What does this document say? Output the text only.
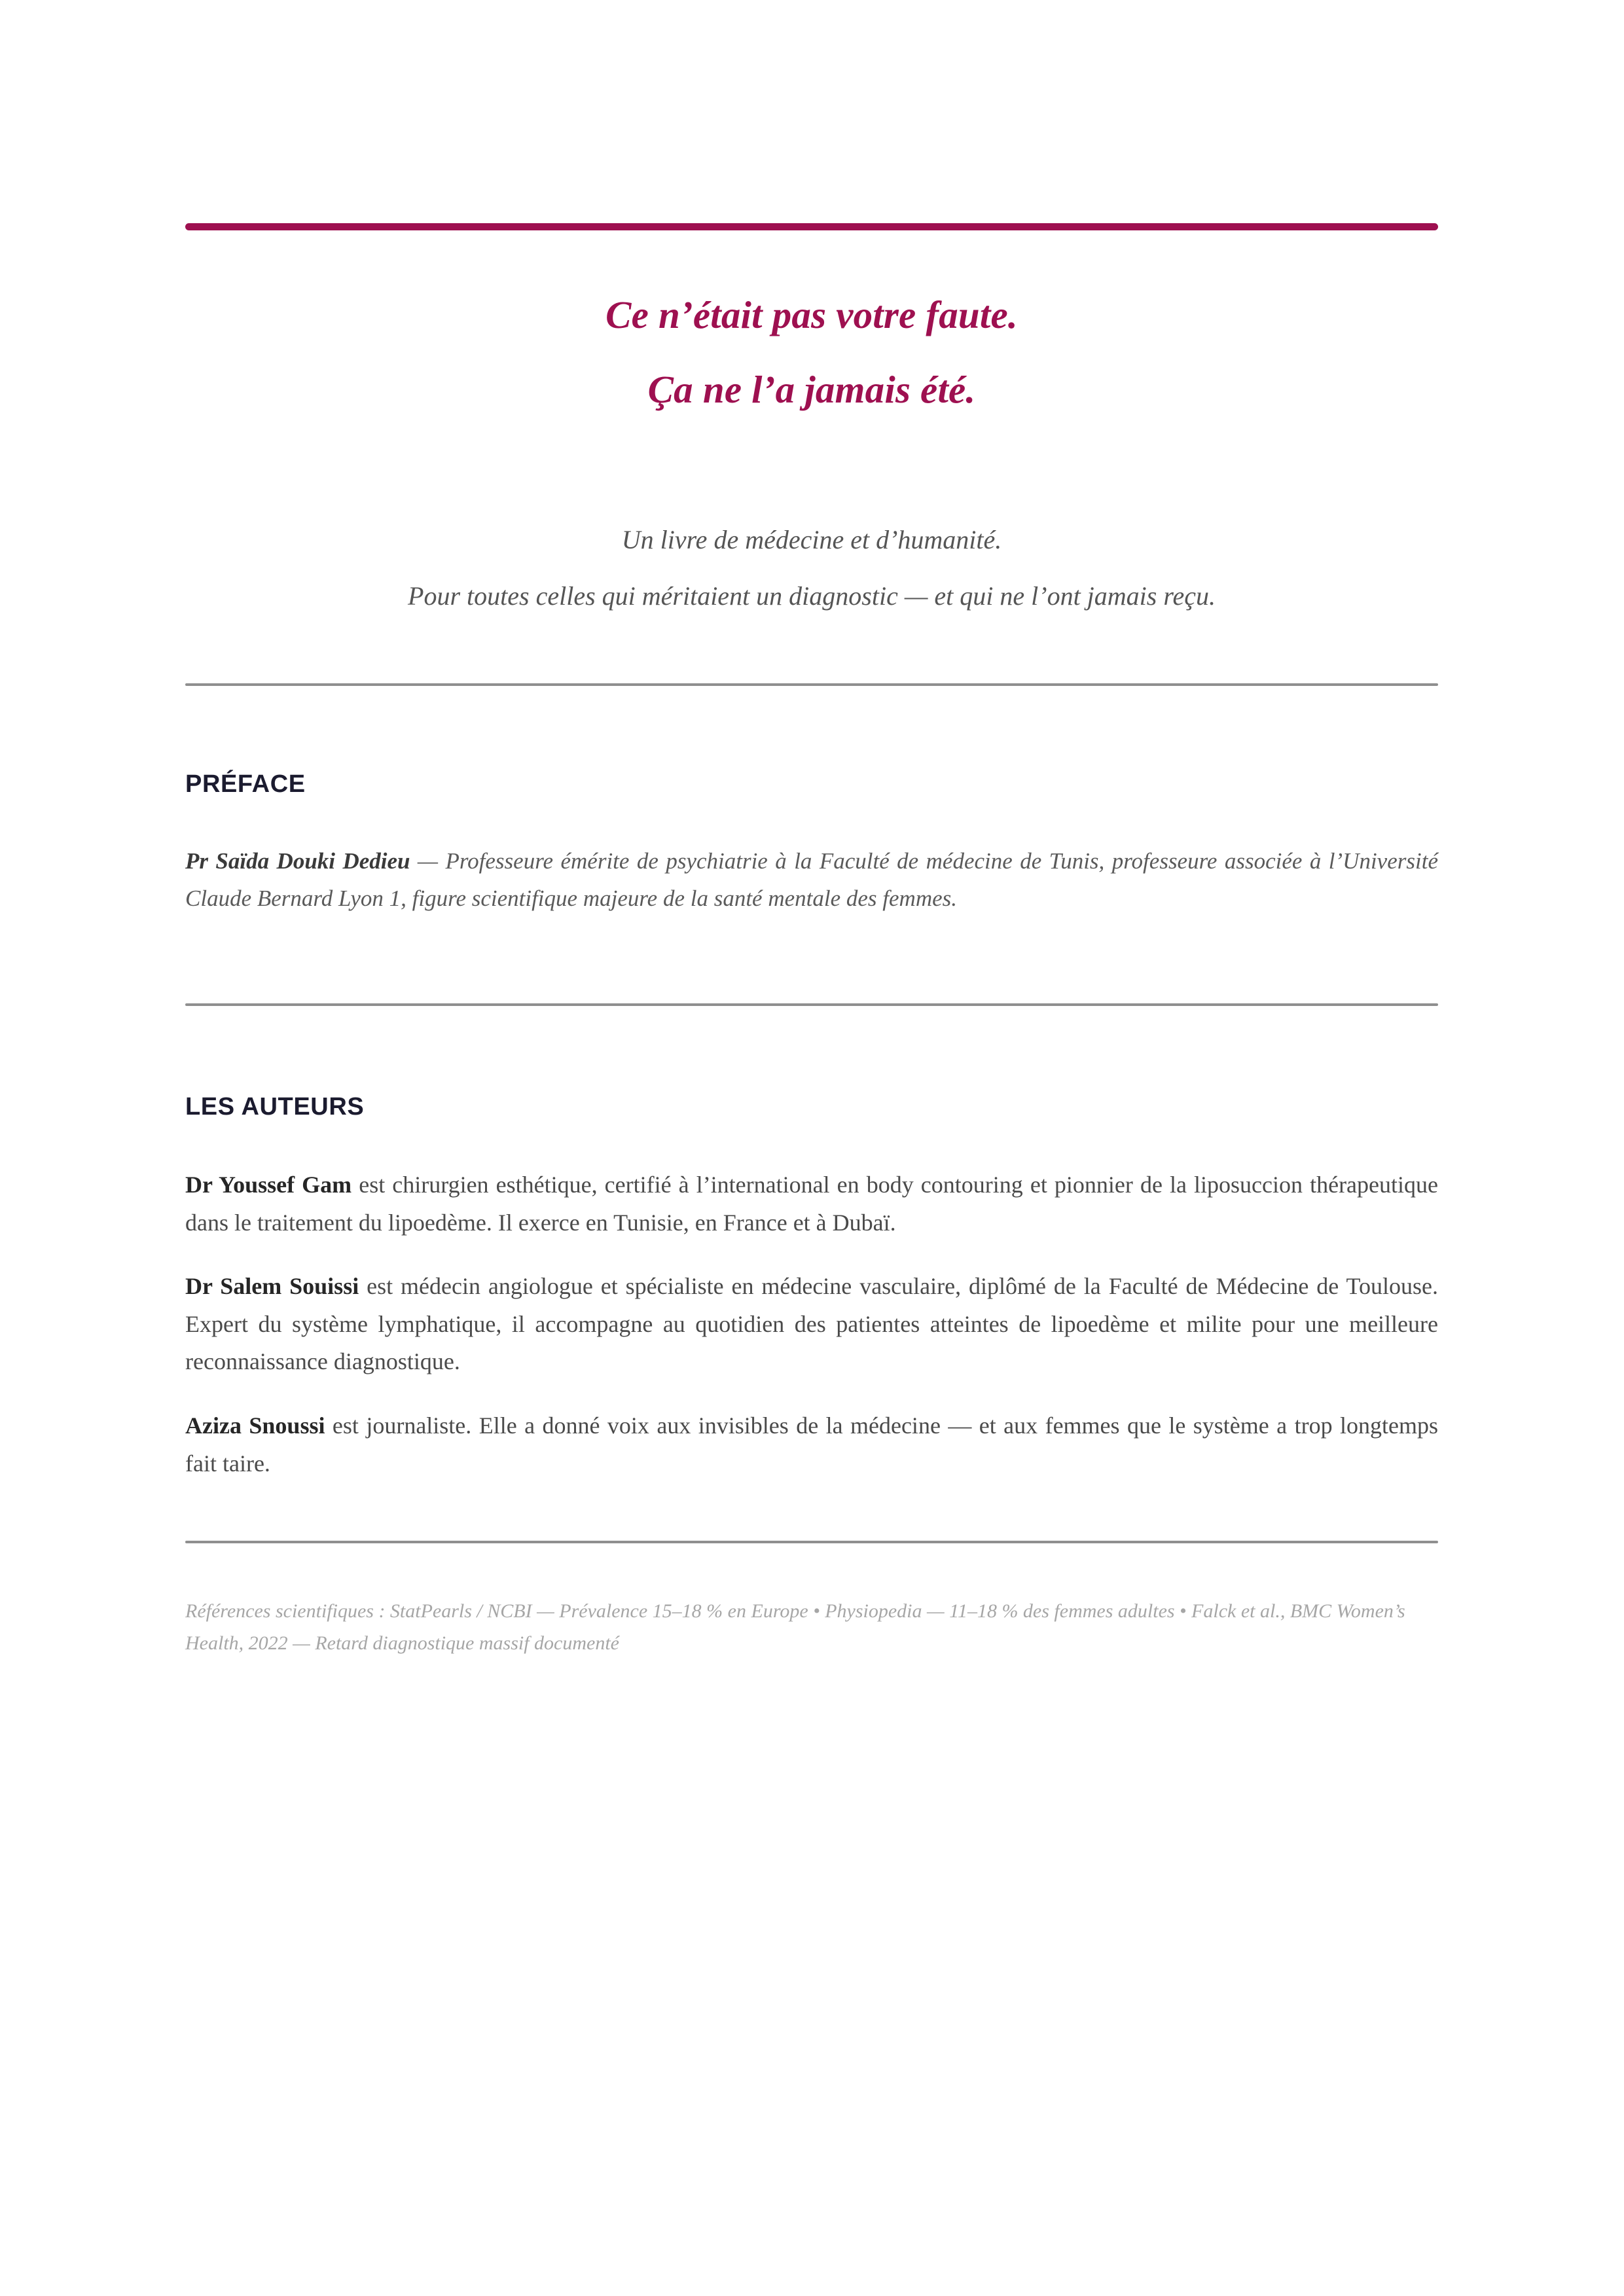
Ce n’était pas votre faute.
Ça ne l’a jamais été.
Un livre de médecine et d’humanité.
Pour toutes celles qui méritaient un diagnostic — et qui ne l’ont jamais reçu.
PRÉFACE
Pr Saïda Douki Dedieu — Professeure émérite de psychiatrie à la Faculté de médecine de Tunis, professeure associée à l’Université Claude Bernard Lyon 1, figure scientifique majeure de la santé mentale des femmes.
LES AUTEURS

Dr Youssef Gam est chirurgien esthétique, certifié à l’international en body contouring et pionnier de la liposuccion thérapeutique dans le traitement du lipoedème. Il exerce en Tunisie, en France et à Dubaï.

Dr Salem Souissi est médecin angiologue et spécialiste en médecine vasculaire, diplômé de la Faculté de Médecine de Toulouse. Expert du système lymphatique, il accompagne au quotidien des patientes atteintes de lipoedème et milite pour une meilleure reconnaissance diagnostique.

Aziza Snoussi est journaliste. Elle a donné voix aux invisibles de la médecine — et aux femmes que le système a trop longtemps fait taire.

Références scientifiques : StatPearls / NCBI — Prévalence 15–18 % en Europe • Physiopedia — 11–18 % des femmes adultes • Falck et al., BMC Women’s Health, 2022 — Retard diagnostique massif documenté
